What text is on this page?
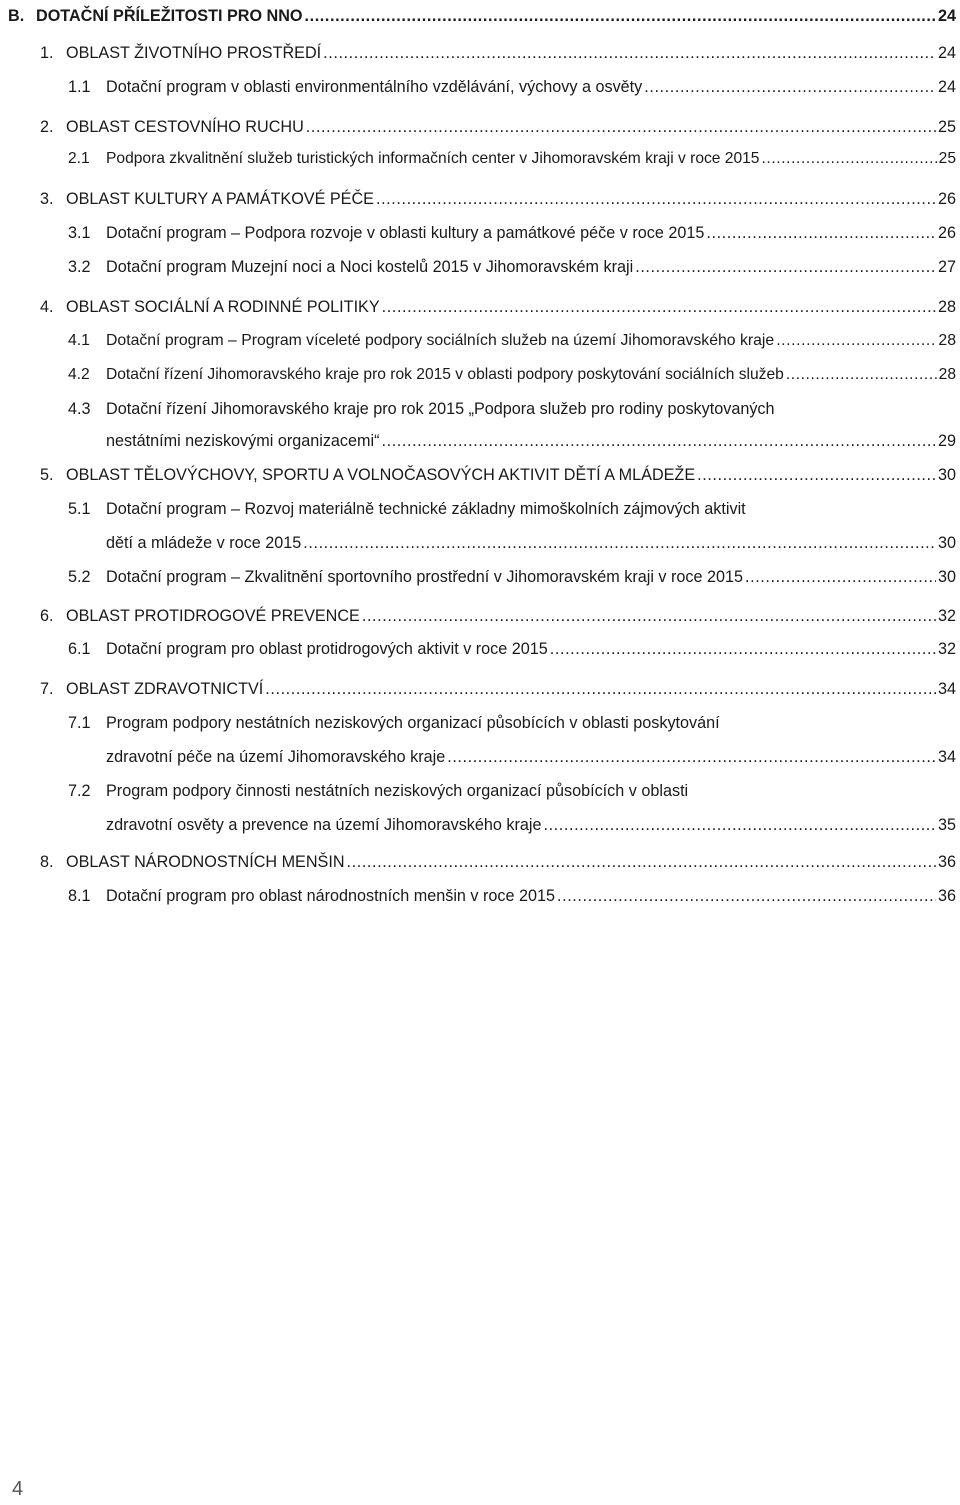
B. DOTAČNÍ PŘÍLEŽITOSTI PRO NNO .....	24
1. OBLAST ŽIVOTNÍHO PROSTŘEDÍ .....	24
1.1 Dotační program v oblasti environmentálního vzdělávání, výchovy a osvěty .....	24
2. OBLAST CESTOVNÍHO RUCHU .....	25
2.1	Podpora zkvalitnění služeb turistických informačních center v Jihomoravském kraji v roce 2015 .....	25
3. OBLAST KULTURY A PAMÁTKOVÉ PÉČE .....	26
3.1 Dotační program – Podpora rozvoje v oblasti kultury a památkové péče v roce 2015 .....	26
3.2 Dotační program Muzejní noci a Noci kostelů 2015 v Jihomoravském kraji .....	27
4. OBLAST SOCIÁLNÍ A RODINNÉ POLITIKY .....	28
4.1	Dotační program – Program víceleté podpory sociálních služeb na území Jihomoravského kraje .....	28
4.2	Dotační řízení Jihomoravského kraje pro rok 2015 v oblasti podpory poskytování sociálních služeb .....	28
4.3 Dotační řízení Jihomoravského kraje pro rok 2015 „Podpora služeb pro rodiny poskytovaných
nestátními neziskovými organizacemi“ .....	29
5. OBLAST TĚLOVÝCHOVY, SPORTU A VOLNOČASOVÝCH AKTIVIT DĚTÍ A MLÁDEŽE .....	30
5.1 Dotační program – Rozvoj materiálně technické základny mimoškolních zájmových aktivit
dětí a mládeže v roce 2015 .....	30
5.2 Dotační program – Zkvalitnění sportovního prostřední v Jihomoravském kraji v roce 2015 .....	30
6. OBLAST PROTIDROGOVÉ PREVENCE .....	32
6.1 Dotační program pro oblast protidrogových aktivit v roce 2015 .....	32
7. OBLAST ZDRAVOTNICTVÍ .....	34
7.1 Program podpory nestátních neziskových organizací působících v oblasti poskytování
zdravotní péče na území Jihomoravského kraje .....	34
7.2 Program podpory činnosti nestátních neziskových organizací působících v oblasti
zdravotní osvěty a prevence na území Jihomoravského kraje .....	35
8. OBLAST NÁRODNOSTNÍCH MENŠIN .....	36
8.1 Dotační program pro oblast národnostních menšin v roce 2015 .....	36
4
